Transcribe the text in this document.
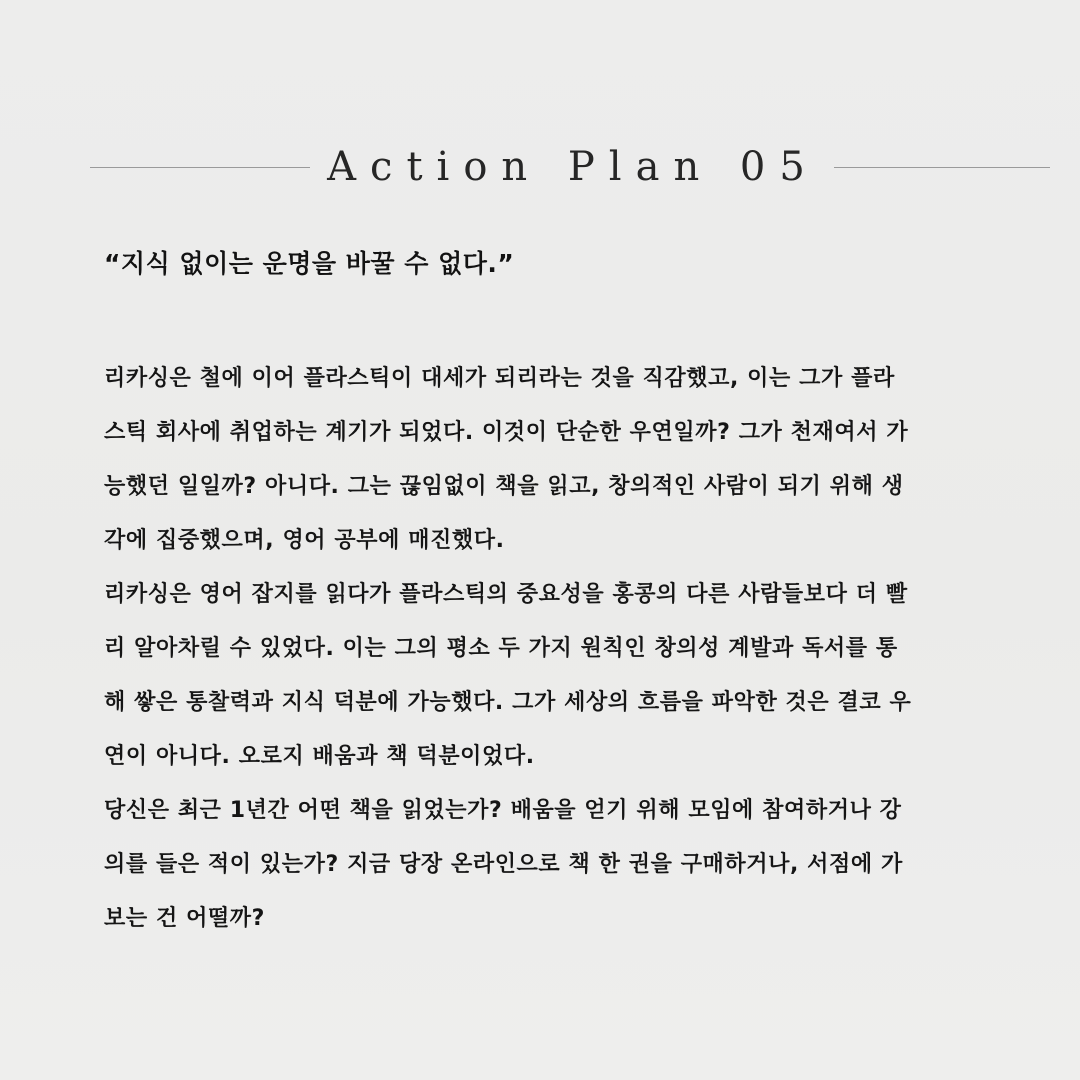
Action Plan 05
“지식 없이는 운명을 바꿀 수 없다.”
리카싱은 철에 이어 플라스틱이 대세가 되리라는 것을 직감했고, 이는 그가 플라
스틱 회사에 취업하는 계기가 되었다. 이것이 단순한 우연일까? 그가 천재여서 가
능했던 일일까? 아니다. 그는 끊임없이 책을 읽고, 창의적인 사람이 되기 위해 생
각에 집중했으며, 영어 공부에 매진했다.
리카싱은 영어 잡지를 읽다가 플라스틱의 중요성을 홍콩의 다른 사람들보다 더 빨
리 알아차릴 수 있었다. 이는 그의 평소 두 가지 원칙인 창의성 계발과 독서를 통
해 쌓은 통찰력과 지식 덕분에 가능했다. 그가 세상의 흐름을 파악한 것은 결코 우
연이 아니다. 오로지 배움과 책 덕분이었다.
당신은 최근 1년간 어떤 책을 읽었는가? 배움을 얻기 위해 모임에 참여하거나 강
의를 들은 적이 있는가? 지금 당장 온라인으로 책 한 권을 구매하거나, 서점에 가
보는 건 어떨까?
